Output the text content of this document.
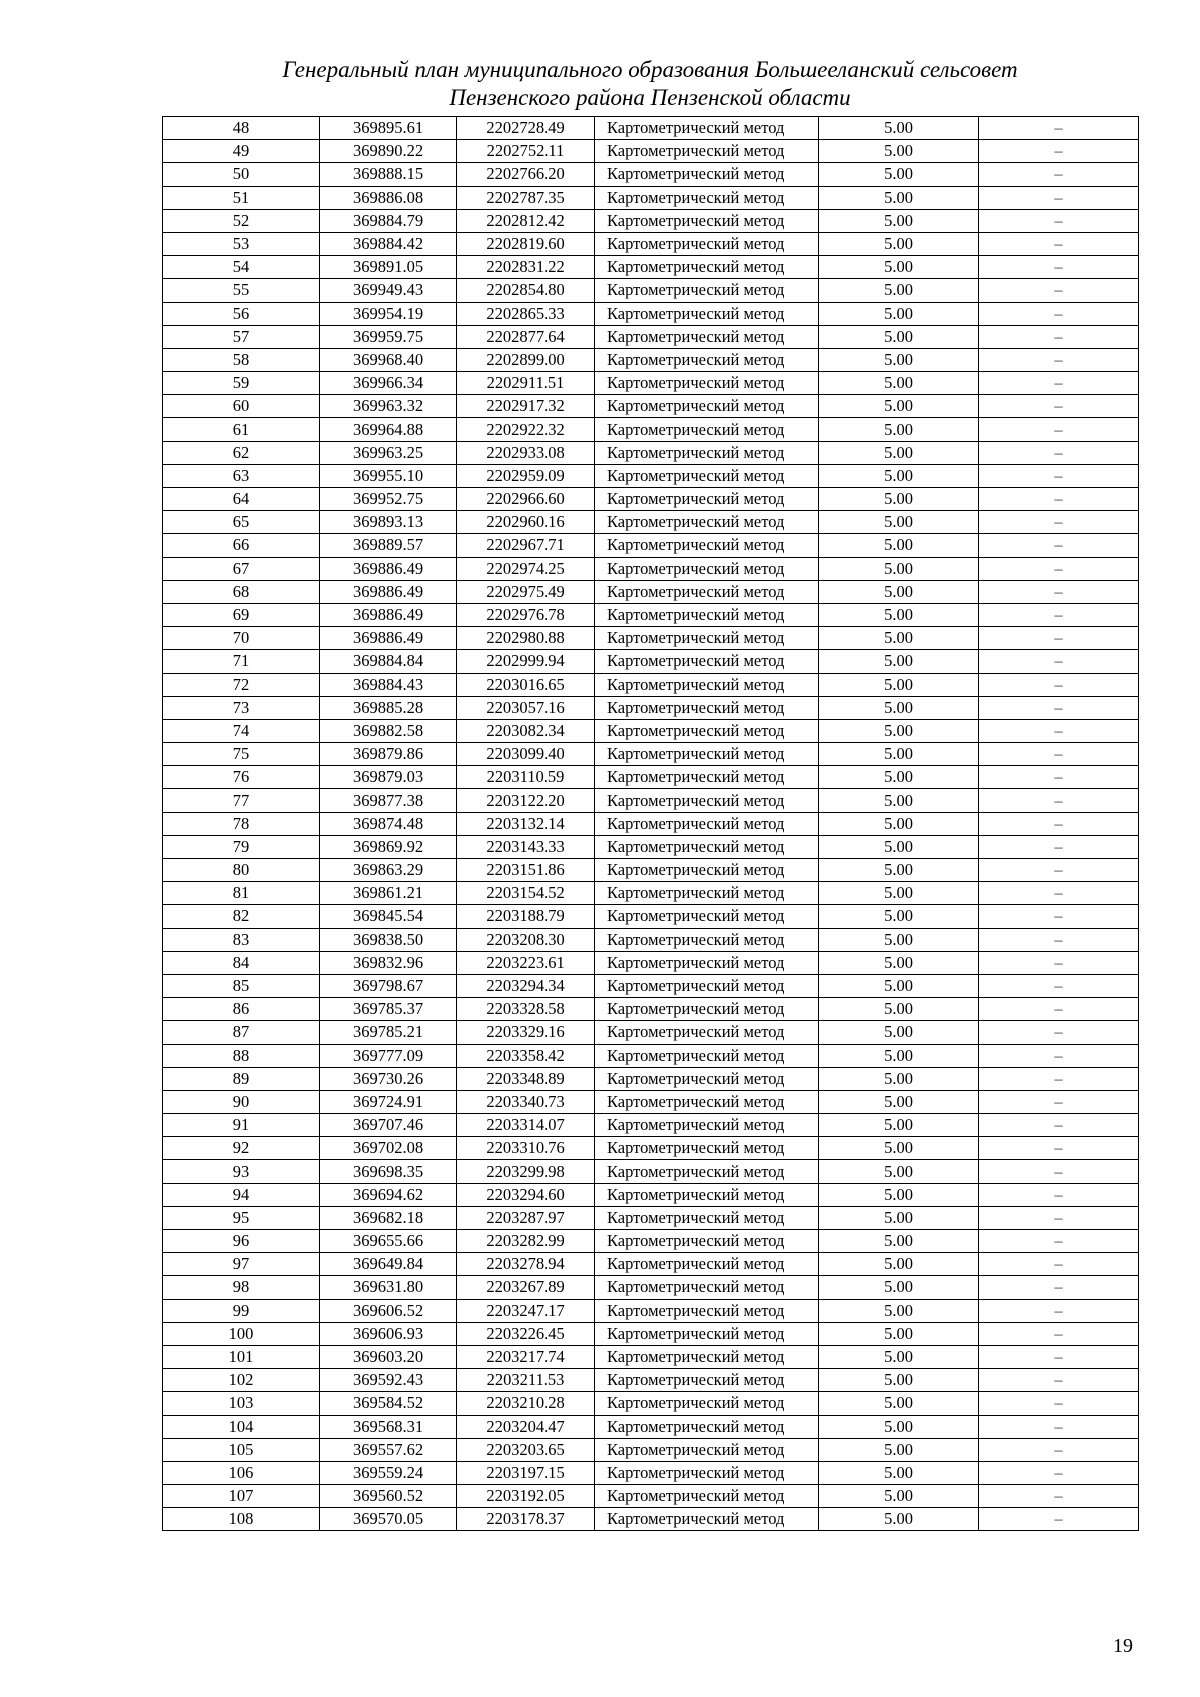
Генеральный план муниципального образования Большееланский сельсовет
Пензенского района Пензенской области
48	369895.61	2202728.49	Картометрический метод	5.00	–
49	369890.22	2202752.11	Картометрический метод	5.00	–
50	369888.15	2202766.20	Картометрический метод	5.00	–
51	369886.08	2202787.35	Картометрический метод	5.00	–
52	369884.79	2202812.42	Картометрический метод	5.00	–
53	369884.42	2202819.60	Картометрический метод	5.00	–
54	369891.05	2202831.22	Картометрический метод	5.00	–
55	369949.43	2202854.80	Картометрический метод	5.00	–
56	369954.19	2202865.33	Картометрический метод	5.00	–
57	369959.75	2202877.64	Картометрический метод	5.00	–
58	369968.40	2202899.00	Картометрический метод	5.00	–
59	369966.34	2202911.51	Картометрический метод	5.00	–
60	369963.32	2202917.32	Картометрический метод	5.00	–
61	369964.88	2202922.32	Картометрический метод	5.00	–
62	369963.25	2202933.08	Картометрический метод	5.00	–
63	369955.10	2202959.09	Картометрический метод	5.00	–
64	369952.75	2202966.60	Картометрический метод	5.00	–
65	369893.13	2202960.16	Картометрический метод	5.00	–
66	369889.57	2202967.71	Картометрический метод	5.00	–
67	369886.49	2202974.25	Картометрический метод	5.00	–
68	369886.49	2202975.49	Картометрический метод	5.00	–
69	369886.49	2202976.78	Картометрический метод	5.00	–
70	369886.49	2202980.88	Картометрический метод	5.00	–
71	369884.84	2202999.94	Картометрический метод	5.00	–
72	369884.43	2203016.65	Картометрический метод	5.00	–
73	369885.28	2203057.16	Картометрический метод	5.00	–
74	369882.58	2203082.34	Картометрический метод	5.00	–
75	369879.86	2203099.40	Картометрический метод	5.00	–
76	369879.03	2203110.59	Картометрический метод	5.00	–
77	369877.38	2203122.20	Картометрический метод	5.00	–
78	369874.48	2203132.14	Картометрический метод	5.00	–
79	369869.92	2203143.33	Картометрический метод	5.00	–
80	369863.29	2203151.86	Картометрический метод	5.00	–
81	369861.21	2203154.52	Картометрический метод	5.00	–
82	369845.54	2203188.79	Картометрический метод	5.00	–
83	369838.50	2203208.30	Картометрический метод	5.00	–
84	369832.96	2203223.61	Картометрический метод	5.00	–
85	369798.67	2203294.34	Картометрический метод	5.00	–
86	369785.37	2203328.58	Картометрический метод	5.00	–
87	369785.21	2203329.16	Картометрический метод	5.00	–
88	369777.09	2203358.42	Картометрический метод	5.00	–
89	369730.26	2203348.89	Картометрический метод	5.00	–
90	369724.91	2203340.73	Картометрический метод	5.00	–
91	369707.46	2203314.07	Картометрический метод	5.00	–
92	369702.08	2203310.76	Картометрический метод	5.00	–
93	369698.35	2203299.98	Картометрический метод	5.00	–
94	369694.62	2203294.60	Картометрический метод	5.00	–
95	369682.18	2203287.97	Картометрический метод	5.00	–
96	369655.66	2203282.99	Картометрический метод	5.00	–
97	369649.84	2203278.94	Картометрический метод	5.00	–
98	369631.80	2203267.89	Картометрический метод	5.00	–
99	369606.52	2203247.17	Картометрический метод	5.00	–
100	369606.93	2203226.45	Картометрический метод	5.00	–
101	369603.20	2203217.74	Картометрический метод	5.00	–
102	369592.43	2203211.53	Картометрический метод	5.00	–
103	369584.52	2203210.28	Картометрический метод	5.00	–
104	369568.31	2203204.47	Картометрический метод	5.00	–
105	369557.62	2203203.65	Картометрический метод	5.00	–
106	369559.24	2203197.15	Картометрический метод	5.00	–
107	369560.52	2203192.05	Картометрический метод	5.00	–
108	369570.05	2203178.37	Картометрический метод	5.00	–
19
